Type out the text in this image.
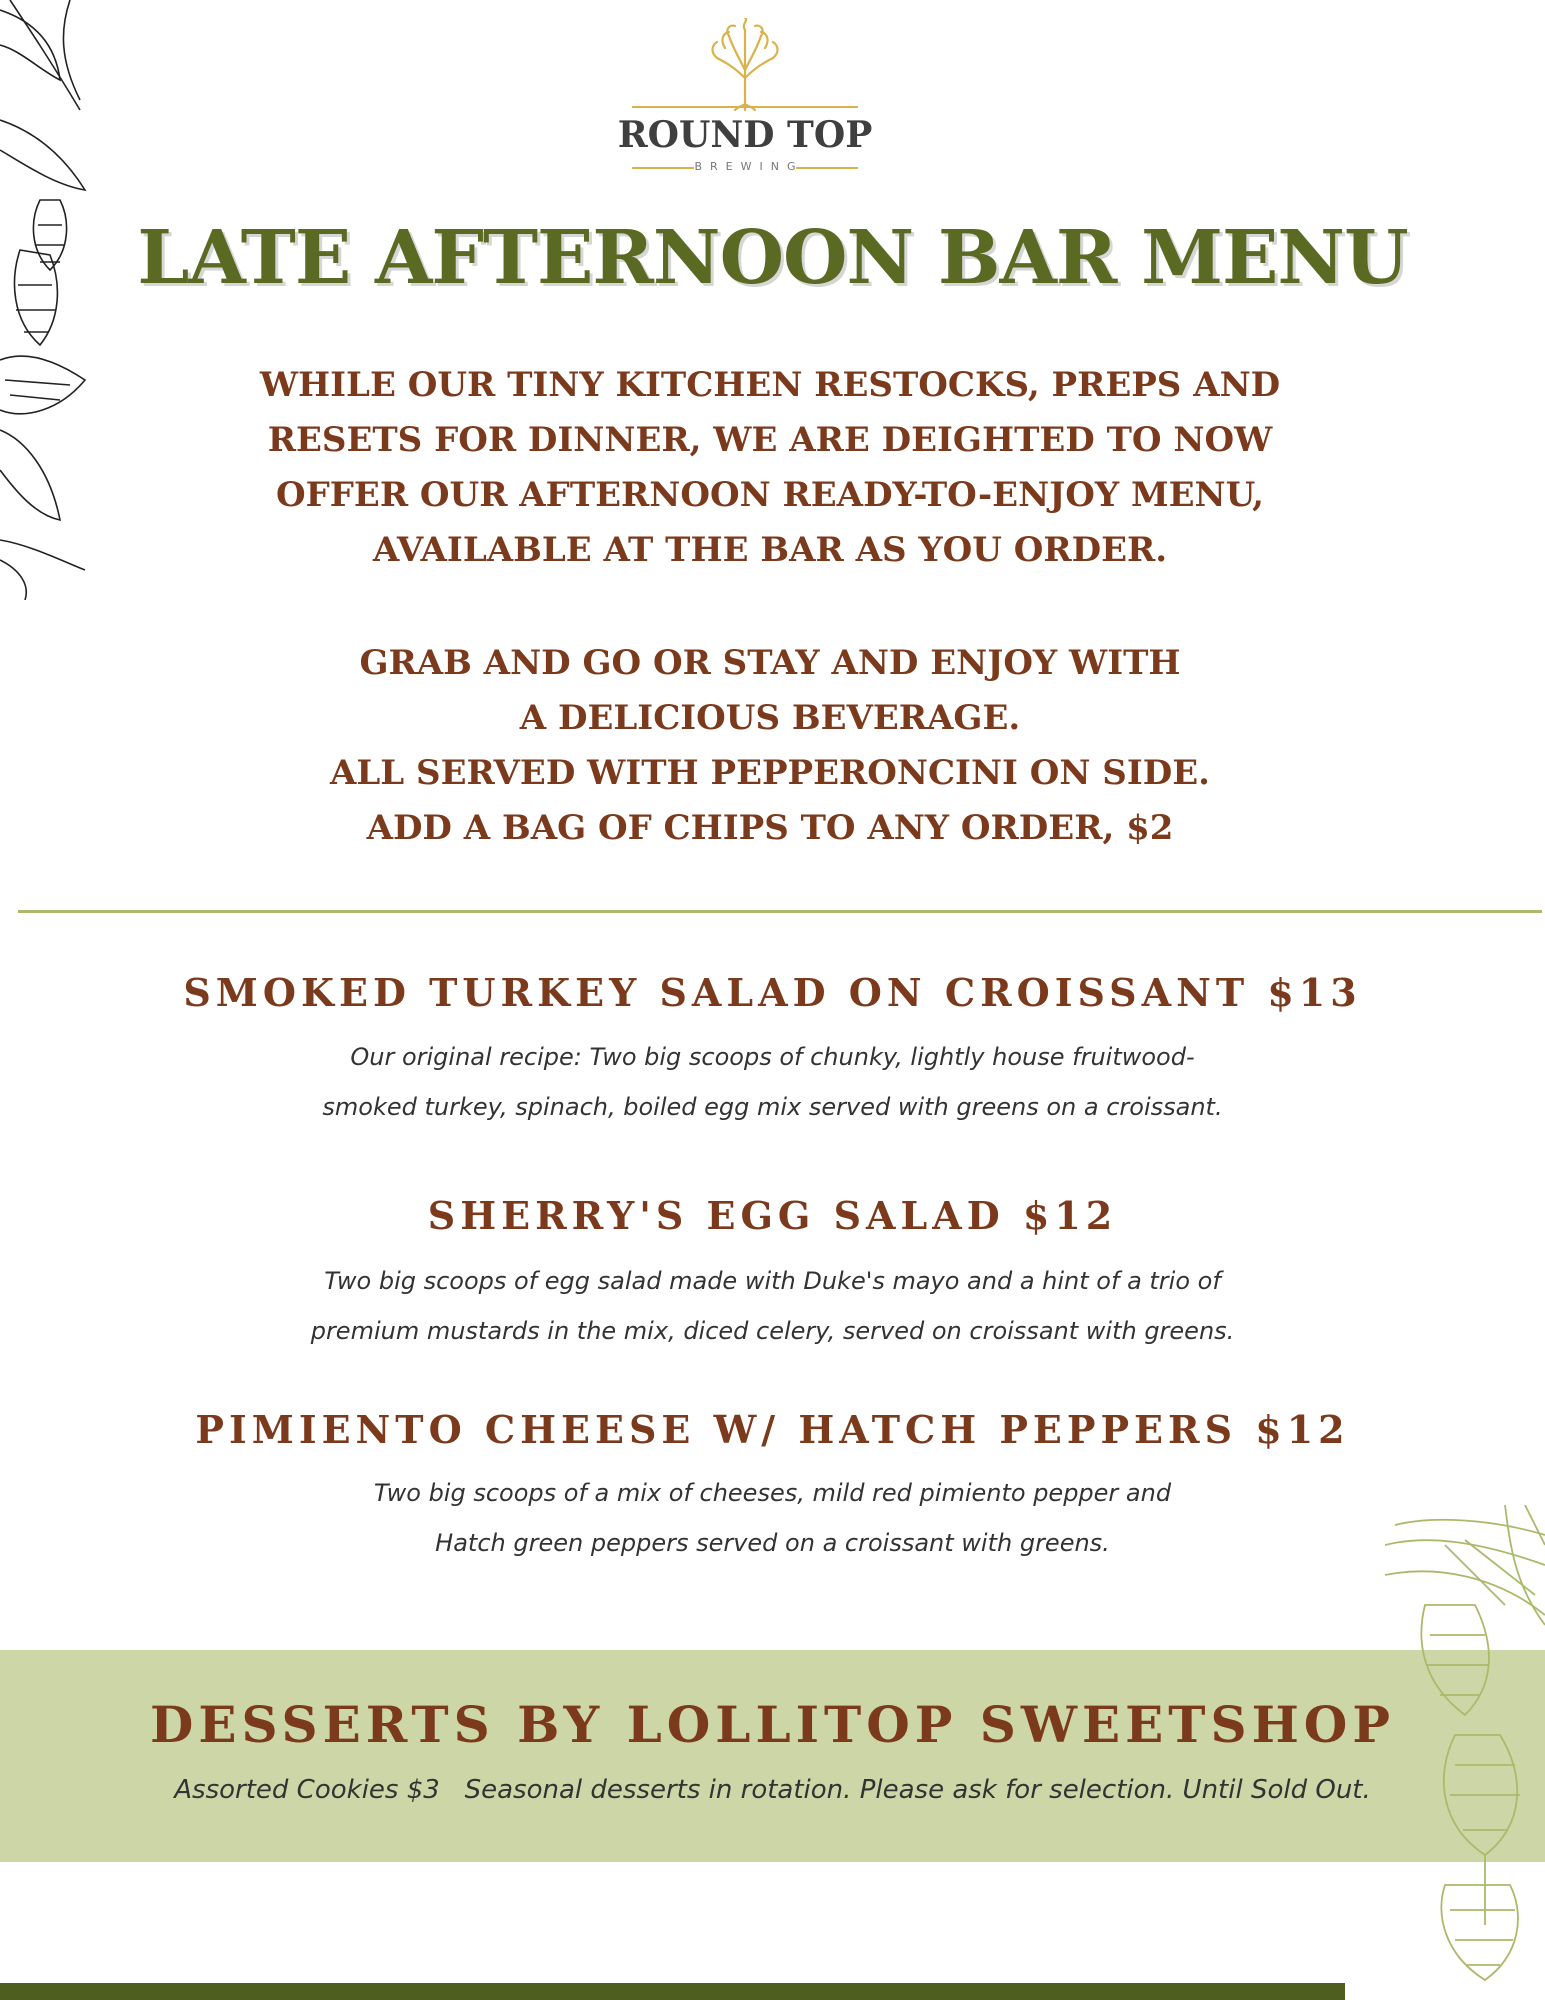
ROUND TOP
BREWING
LATE AFTERNOON BAR MENU

WHILE OUR TINY KITCHEN RESTOCKS, PREPS AND

RESETS FOR DINNER, WE ARE DEIGHTED TO NOW

OFFER OUR AFTERNOON READY-TO-ENJOY MENU,

AVAILABLE AT THE BAR AS YOU ORDER.

GRAB AND GO OR STAY AND ENJOY WITH

A DELICIOUS BEVERAGE.

ALL SERVED WITH PEPPERONCINI ON SIDE.

ADD A BAG OF CHIPS TO ANY ORDER, $2

SMOKED TURKEY SALAD ON CROISSANT $13

Our original recipe: Two big scoops of chunky, lightly house fruitwood-

smoked turkey, spinach, boiled egg mix served with greens on a croissant.

SHERRY'S EGG SALAD $12

Two big scoops of egg salad made with Duke's mayo and a hint of a trio of

premium mustards in the mix, diced celery, served on croissant with greens.

PIMIENTO CHEESE W/ HATCH PEPPERS $12

Two big scoops of a mix of cheeses, mild red pimiento pepper and

Hatch green peppers served on a croissant with greens.

DESSERTS BY LOLLITOP SWEETSHOP
Assorted Cookies $3   Seasonal desserts in rotation. Please ask for selection. Until Sold Out.
